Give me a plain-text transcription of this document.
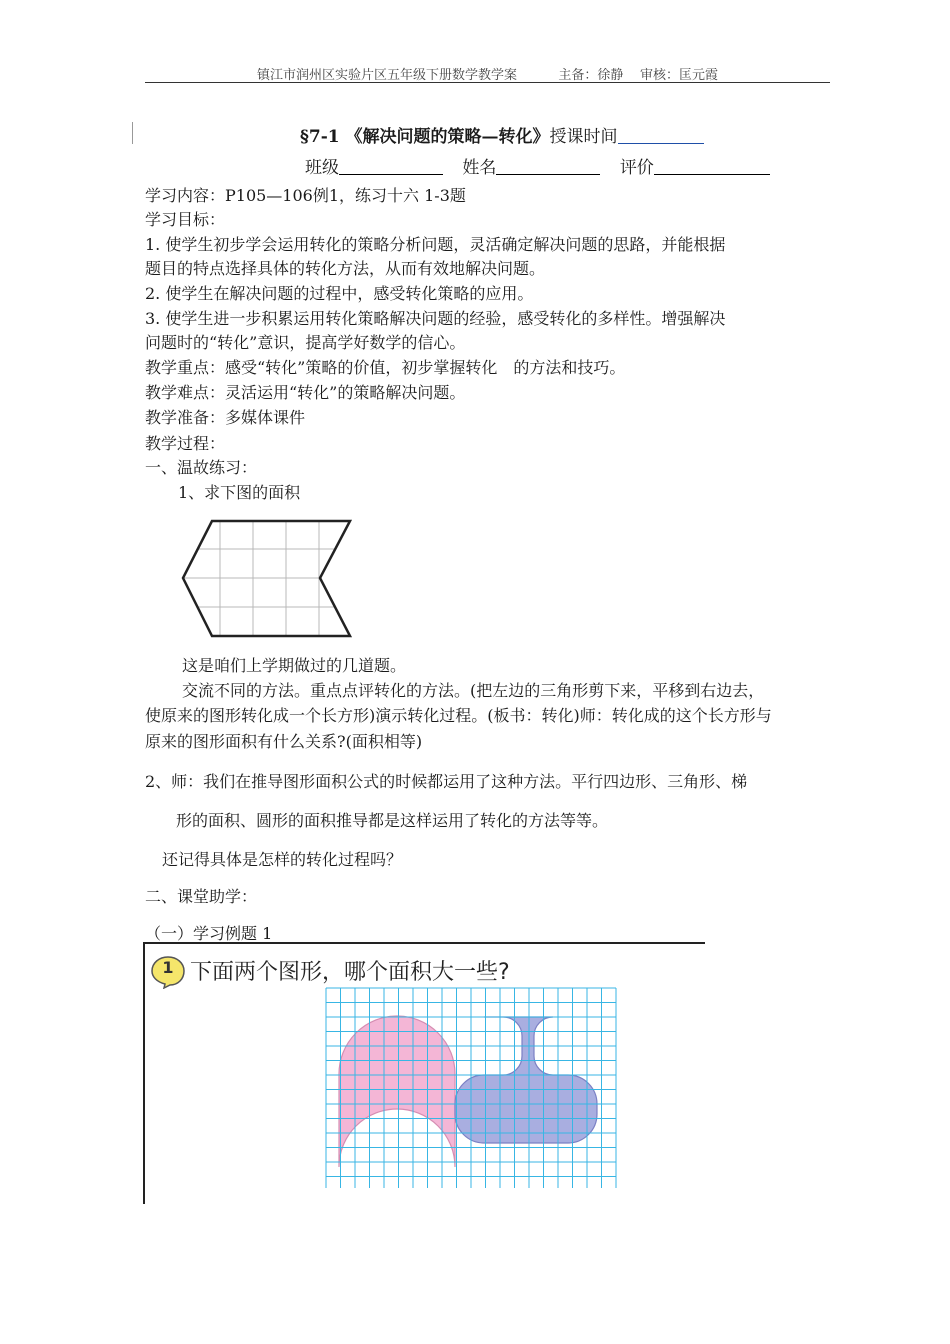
镇江市润州区实验片区五年级下册数学教学案	主备：徐静 审核：匡元霞
§7-1 《解决问题的策略—转化》授课时间
班级	姓名	评价
学习内容：P105—106例1，练习十六 1-3题
学习目标：
1. 使学生初步学会运用转化的策略分析问题，灵活确定解决问题的思路，并能根据
题目的特点选择具体的转化方法，从而有效地解决问题。
2. 使学生在解决问题的过程中，感受转化策略的应用。
3. 使学生进一步积累运用转化策略解决问题的经验，感受转化的多样性。增强解决
问题时的“转化”意识，提高学好数学的信心。
教学重点：感受“转化”策略的价值，初步掌握转化　的方法和技巧。
教学难点：灵活运用“转化”的策略解决问题。
教学准备：多媒体课件
教学过程：
一、温故练习：
1、求下图的面积
这是咱们上学期做过的几道题。
交流不同的方法。重点点评转化的方法。(把左边的三角形剪下来，平移到右边去，
使原来的图形转化成一个长方形)演示转化过程。(板书：转化)师：转化成的这个长方形与
原来的图形面积有什么关系?(面积相等)
2、师：我们在推导图形面积公式的时候都运用了这种方法。平行四边形、三角形、梯
形的面积、圆形的面积推导都是这样运用了转化的方法等等。
还记得具体是怎样的转化过程吗？
二、课堂助学：
（一）学习例题 1
1 下面两个图形，哪个面积大一些?
